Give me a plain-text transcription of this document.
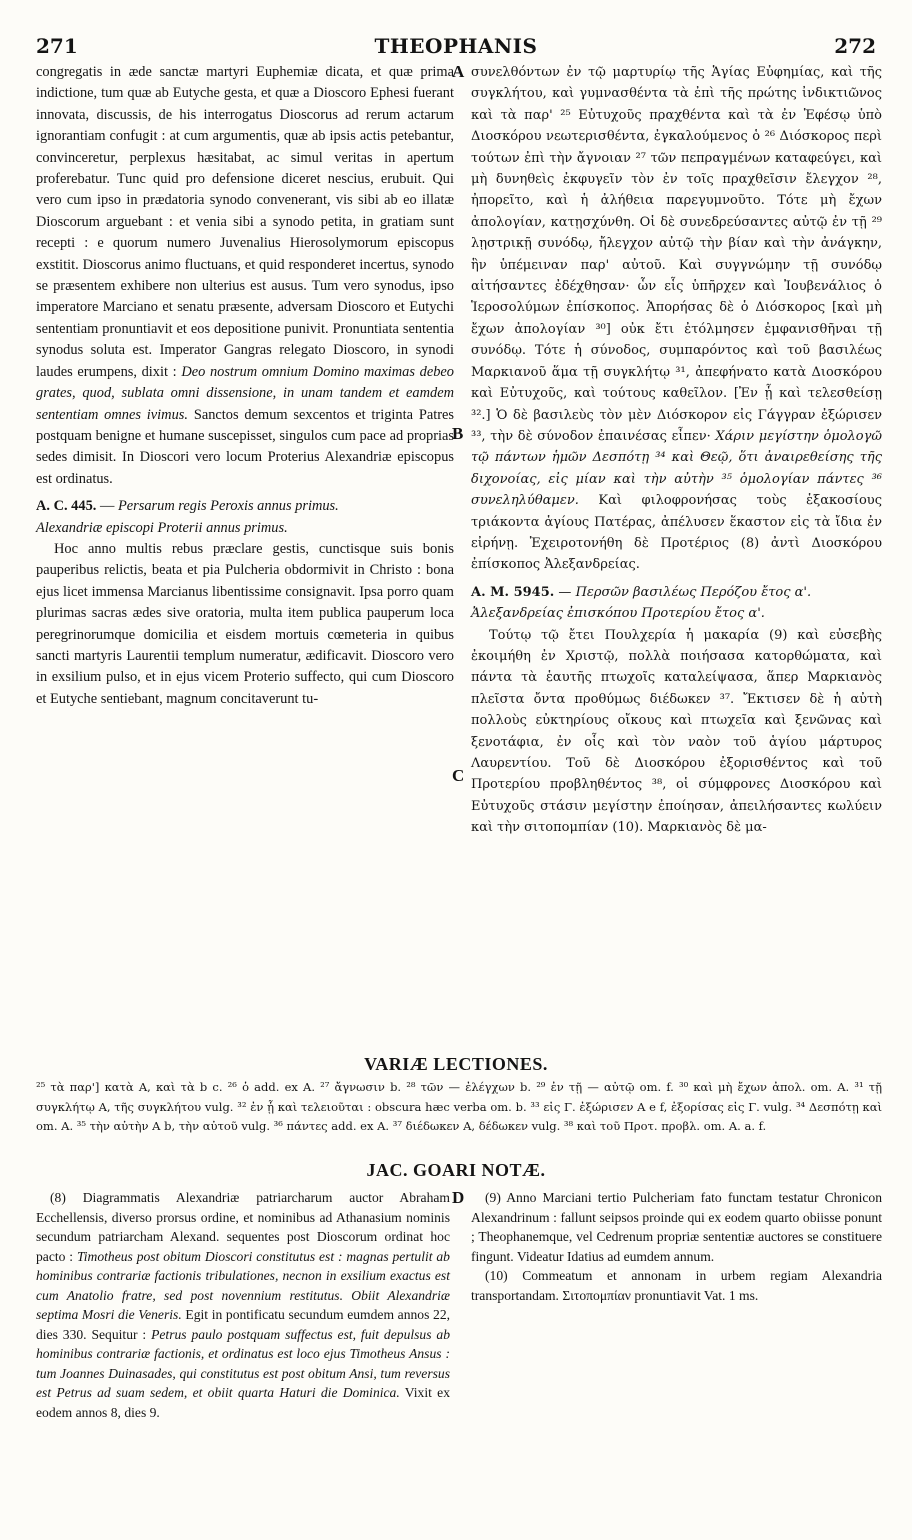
271	THEOPHANIS	272
A
B
C
D

congregatis in æde sanctæ martyri Euphemiæ dicata, et quæ prima indictione, tum quæ ab Eutyche gesta, et quæ a Dioscoro Ephesi fuerant innovata, discussis, de his interrogatus Dioscorus ad rerum actarum ignorantiam confugit : at cum argumentis, quæ ab ipsis actis petebantur, convinceretur, perplexus hæsitabat, ac simul veritas in apertum proferebatur. Tunc quid pro defensione diceret nescius, erubuit. Qui vero cum ipso in prædatoria synodo convenerant, vis sibi ab eo illatæ Dioscorum arguebant : et venia sibi a synodo petita, in gratiam sunt recepti : e quorum numero Juvenalius Hierosolymorum episcopus exstitit. Dioscorus animo fluctuans, et quid responderet incertus, synodo se præsentem exhibere non ulterius est ausus. Tum vero synodus, ipso imperatore Marciano et senatu præsente, adversam Dioscoro et Eutychi sententiam pronuntiavit et eos depositione punivit. Pronuntiata sententia synodus soluta est. Imperator Gangras relegato Dioscoro, in synodi laudes erumpens, dixit : Deo nostrum omnium Domino maximas debeo grates, quod, sublata omni dissensione, in unam tandem et eamdem sententiam omnes ivimus. Sanctos demum sexcentos et triginta Patres postquam benigne et humane suscepisset, singulos cum pace ad proprias sedes dimisit. In Dioscori vero locum Proterius Alexandriæ episcopus est ordinatus.

A. C. 445. — Persarum regis Peroxis annus primus.

Alexandriæ episcopi Proterii annus primus.

Hoc anno multis rebus præclare gestis, cunctisque suis bonis pauperibus relictis, beata et pia Pulcheria obdormivit in Christo : bona ejus licet immensa Marcianus libentissime consignavit. Ipsa porro quam plurimas sacras ædes sive oratoria, multa item publica pauperum loca peregrinorumque domicilia et eisdem mortuis cœmeteria in quibus sancti martyris Laurentii templum numeratur, ædificavit. Dioscoro vero in exsilium pulso, et in ejus vicem Proterio suffecto, qui cum Dioscoro et Eutyche sentiebant, magnum concitaverunt tu-

συνελθόντων ἐν τῷ μαρτυρίῳ τῆς Ἁγίας Εὐφημίας, καὶ τῆς συγκλήτου, καὶ γυμνασθέντα τὰ ἐπὶ τῆς πρώτης ἰνδικτιῶνος καὶ τὰ παρ' ²⁵ Εὐτυχοῦς πραχθέντα καὶ τὰ ἐν Ἐφέσῳ ὑπὸ Διοσκόρου νεωτερισθέντα, ἐγκαλούμενος ὁ ²⁶ Διόσκορος περὶ τούτων ἐπὶ τὴν ἄγνοιαν ²⁷ τῶν πεπραγμένων καταφεύγει, καὶ μὴ δυνηθεὶς ἐκφυγεῖν τὸν ἐν τοῖς πραχθεῖσιν ἔλεγχον ²⁸, ἠπορεῖτο, καὶ ἡ ἀλήθεια παρεγυμνοῦτο. Τότε μὴ ἔχων ἀπολογίαν, κατῃσχύνθη. Οἱ δὲ συνεδρεύσαντες αὐτῷ ἐν τῇ ²⁹ λῃστρικῇ συνόδῳ, ἤλεγχον αὐτῷ τὴν βίαν καὶ τὴν ἀνάγκην, ἣν ὑπέμειναν παρ' αὐτοῦ. Καὶ συγγνώμην τῇ συνόδῳ αἰτήσαντες ἐδέχθησαν· ὧν εἷς ὑπῆρχεν καὶ Ἰουβενάλιος ὁ Ἱεροσολύμων ἐπίσκοπος. Ἀπορήσας δὲ ὁ Διόσκορος [καὶ μὴ ἔχων ἀπολογίαν ³⁰] οὐκ ἔτι ἐτόλμησεν ἐμφανισθῆναι τῇ συνόδῳ. Τότε ἡ σύνοδος, συμπαρόντος καὶ τοῦ βασιλέως Μαρκιανοῦ ἅμα τῇ συγκλήτῳ ³¹, ἀπεφήνατο κατὰ Διοσκόρου καὶ Εὐτυχοῦς, καὶ τούτους καθεῖλον. [Ἐν ᾗ καὶ τελεσθείσῃ ³².] Ὁ δὲ βασιλεὺς τὸν μὲν Διόσκορον εἰς Γάγγραν ἐξώρισεν ³³, τὴν δὲ σύνοδον ἐπαινέσας εἶπεν· Χάριν μεγίστην ὁμολογῶ τῷ πάντων ἡμῶν Δεσπότῃ ³⁴ καὶ Θεῷ, ὅτι ἀναιρεθείσης τῆς διχονοίας, εἰς μίαν καὶ τὴν αὐτὴν ³⁵ ὁμολογίαν πάντες ³⁶ συνεληλύθαμεν. Καὶ φιλοφρονήσας τοὺς ἑξακοσίους τριάκοντα ἁγίους Πατέρας, ἀπέλυσεν ἕκαστον εἰς τὰ ἴδια ἐν εἰρήνῃ. Ἐχειροτονήθη δὲ Προτέριος (8) ἀντὶ Διοσκόρου ἐπίσκοπος Ἀλεξανδρείας.

A. M. 5945. — Περσῶν βασιλέως Περόζου ἔτος α'.

Ἀλεξανδρείας ἐπισκόπου Προτερίου ἔτος α'.

Τούτῳ τῷ ἔτει Πουλχερία ἡ μακαρία (9) καὶ εὐσεβὴς ἐκοιμήθη ἐν Χριστῷ, πολλὰ ποιήσασα κατορθώματα, καὶ πάντα τὰ ἑαυτῆς πτωχοῖς καταλείψασα, ἅπερ Μαρκιανὸς πλεῖστα ὄντα προθύμως διέδωκεν ³⁷. Ἔκτισεν δὲ ἡ αὐτὴ πολλοὺς εὐκτηρίους οἴκους καὶ πτωχεῖα καὶ ξενῶνας καὶ ξενοτάφια, ἐν οἷς καὶ τὸν ναὸν τοῦ ἁγίου μάρτυρος Λαυρεντίου. Τοῦ δὲ Διοσκόρου ἐξορισθέντος καὶ τοῦ Προτερίου προβληθέντος ³⁸, οἱ σύμφρονες Διοσκόρου καὶ Εὐτυχοῦς στάσιν μεγίστην ἐποίησαν, ἀπειλήσαντες κωλύειν καὶ τὴν σιτοπομπίαν (10). Μαρκιανὸς δὲ μα-

VARIÆ LECTIONES.

²⁵ τὰ παρ'] κατὰ A, καὶ τὰ b c. ²⁶ ὁ add. ex A. ²⁷ ἄγνωσιν b. ²⁸ τῶν — ἐλέγχων b. ²⁹ ἐν τῇ — αὐτῷ om. f. ³⁰ καὶ μὴ ἔχων ἀπολ. om. A. ³¹ τῇ συγκλήτῳ A, τῆς συγκλήτου vulg. ³² ἐν ᾗ καὶ τελειοῦται : obscura hæc verba om. b. ³³ εἰς Γ. ἐξώρισεν A e f, ἐξορίσας εἰς Γ. vulg. ³⁴ Δεσπότῃ καὶ om. A. ³⁵ τὴν αὐτὴν A b, τὴν αὐτοῦ vulg. ³⁶ πάντες add. ex A. ³⁷ διέδωκεν A, δέδωκεν vulg. ³⁸ καὶ τοῦ Προτ. προβλ. om. A. a. f.

JAC. GOARI NOTÆ.

(8) Diagrammatis Alexandriæ patriarcharum auctor Abraham Ecchellensis, diverso prorsus ordine, et nominibus ad Athanasium nominis secundum patriarcham Alexand. sequentes post Dioscorum ordinat hoc pacto : Timotheus post obitum Dioscori constitutus est : magnas pertulit ab hominibus contrariæ factionis tribulationes, necnon in exsilium exactus est cum Anatolio fratre, sed post novennium restitutus. Obiit Alexandriæ septima Mosri die Veneris. Egit in pontificatu secundum eumdem annos 22, dies 330. Sequitur : Petrus paulo postquam suffectus est, fuit depulsus ab hominibus contrariæ factionis, et ordinatus est loco ejus Timotheus Ansus : tum Joannes Duinasades, qui constitutus est post obitum Ansi, tum reversus est Petrus ad suam sedem, et obiit quarta Haturi die Dominica. Vixit ex eodem annos 8, dies 9.

(9) Anno Marciani tertio Pulcheriam fato functam testatur Chronicon Alexandrinum : fallunt seipsos proinde qui ex eodem quarto obiisse ponunt ; Theophanemque, vel Cedrenum propriæ sententiæ auctores se constituere fingunt. Videatur Idatius ad eumdem annum.

(10) Commeatum et annonam in urbem regiam Alexandria transportandam. Σιτοπομπίαν pronuntiavit Vat. 1 ms.
